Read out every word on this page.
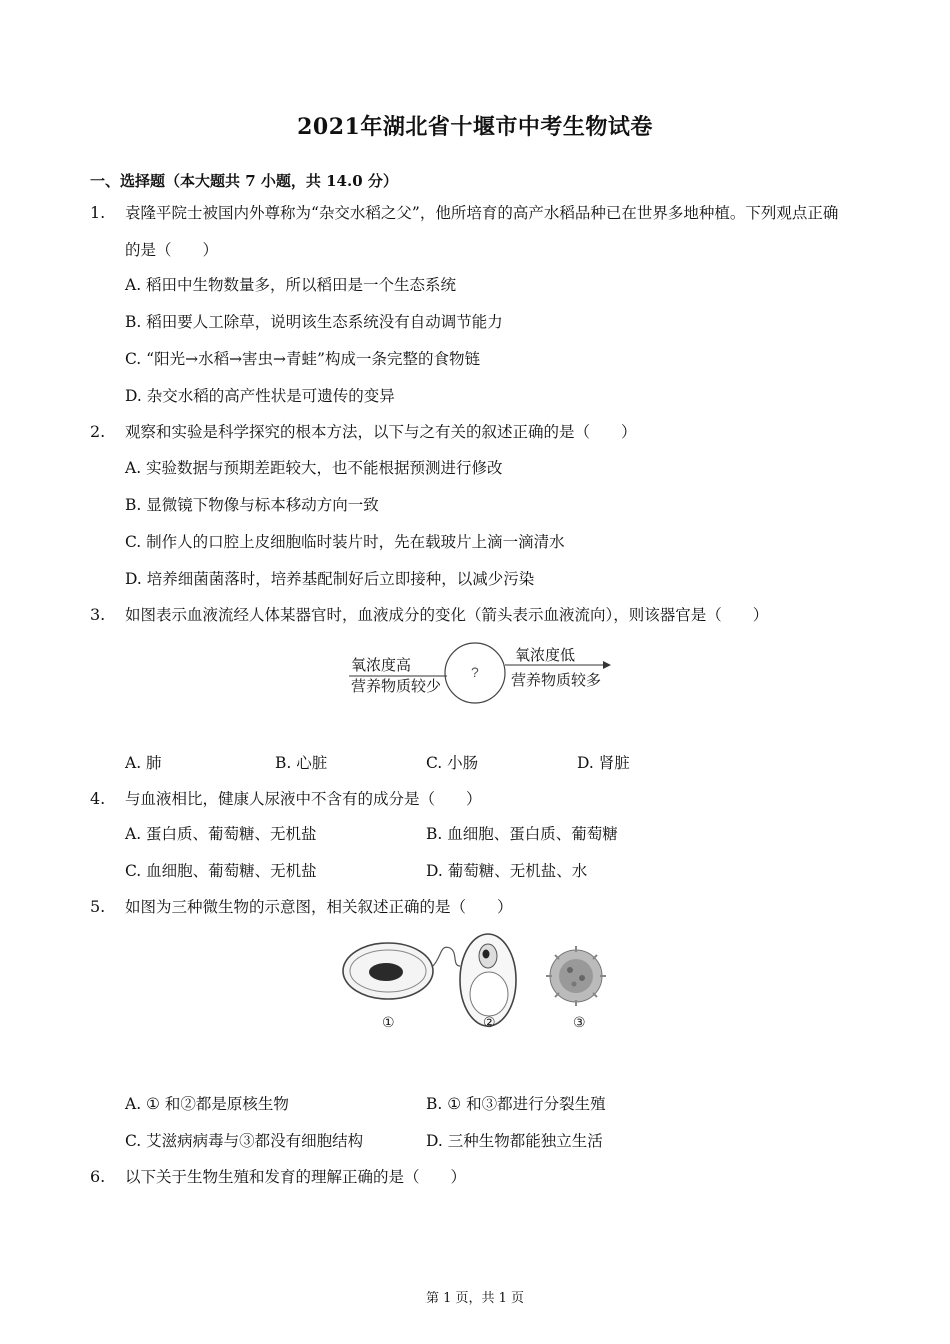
2021年湖北省十堰市中考生物试卷
一、选择题（本大题共 7 小题，共 14.0 分）
1. 袁隆平院士被国内外尊称为“杂交水稻之父”，他所培育的高产水稻品种已在世界多地种植。下列观点正确的是（　　）
A. 稻田中生物数量多，所以稻田是一个生态系统
B. 稻田要人工除草，说明该生态系统没有自动调节能力
C. “阳光→水稻→害虫→青蛙”构成一条完整的食物链
D. 杂交水稻的高产性状是可遗传的变异
2. 观察和实验是科学探究的根本方法，以下与之有关的叙述正确的是（　　）
A. 实验数据与预期差距较大，也不能根据预测进行修改
B. 显微镜下物像与标本移动方向一致
C. 制作人的口腔上皮细胞临时装片时，先在载玻片上滴一滴清水
D. 培养细菌菌落时，培养基配制好后立即接种，以减少污染
3. 如图表示血液流经人体某器官时，血液成分的变化（箭头表示血液流向），则该器官是（　　）
氧浓度高
营养物质较少
?
氧浓度低
营养物质较多
A. 肺	B. 心脏	C. 小肠	D. 肾脏
4. 与血液相比，健康人尿液中不含有的成分是（　　）
A. 蛋白质、葡萄糖、无机盐	B. 血细胞、蛋白质、葡萄糖
C. 血细胞、葡萄糖、无机盐	D. 葡萄糖、无机盐、水
5. 如图为三种微生物的示意图，相关叙述正确的是（　　）
①	②	③
A. ① 和②都是原核生物	B. ① 和③都进行分裂生殖
C. 艾滋病病毒与③都没有细胞结构	D. 三种生物都能独立生活
6. 以下关于生物生殖和发育的理解正确的是（　　）
第 1 页，共 1 页
